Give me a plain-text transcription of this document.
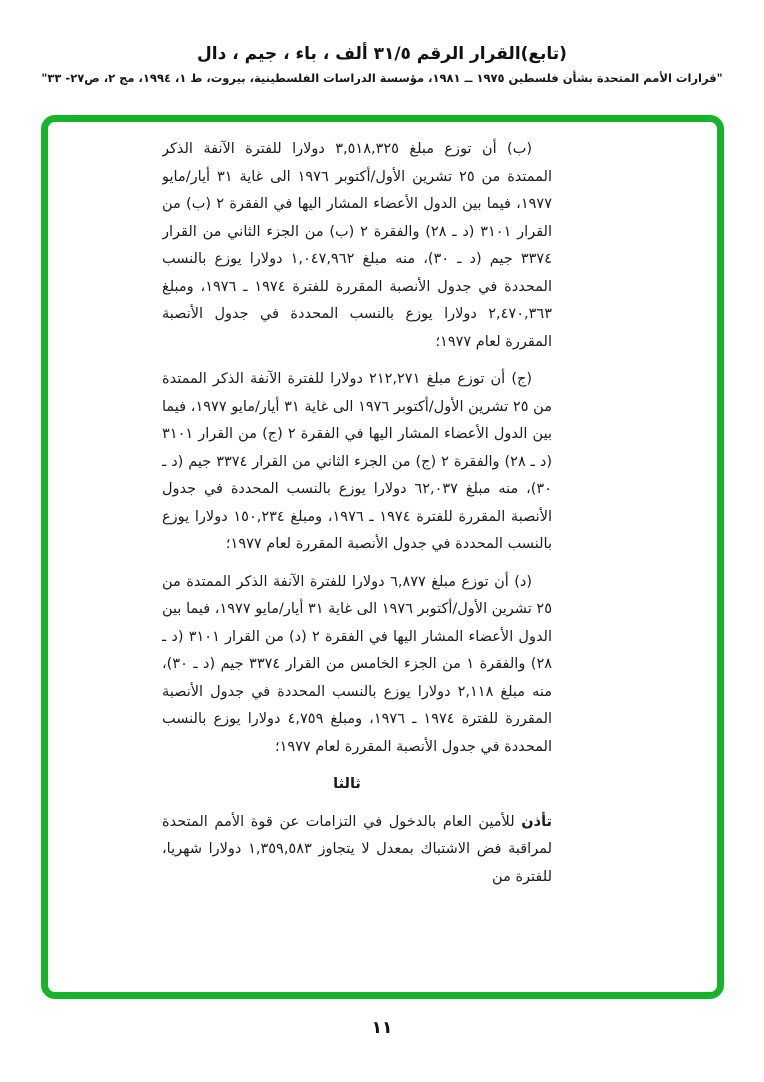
(تابع)القرار الرقم ٣١/٥ ألف ، باء ، جيم ، دال
"قرارات الأمم المتحدة بشأن فلسطين ١٩٧٥ ــ ١٩٨١، مؤسسة الدراسات الفلسطينية، بيروت، ط ١، ١٩٩٤، مج ٢، ص٢٧- ٣٣"

(ب) أن توزع مبلغ ٣,٥١٨,٣٢٥ دولارا للفترة الآنفة الذكر الممتدة من ٢٥ تشرين الأول/أكتوبر ١٩٧٦ الى غاية ٣١ أيار/مايو ١٩٧٧، فيما بين الدول الأعضاء المشار اليها في الفقرة ٢ (ب) من القرار ٣١٠١ (د ـ ٢٨) والفقرة ٢ (ب) من الجزء الثاني من القرار ٣٣٧٤ جيم (د ـ ٣٠)، منه مبلغ ١,٠٤٧,٩٦٢ دولارا يوزع بالنسب المحددة في جدول الأنصبة المقررة للفترة ١٩٧٤ ـ ١٩٧٦، ومبلغ ٢,٤٧٠,٣٦٣ دولارا يوزع بالنسب المحددة في جدول الأنصبة المقررة لعام ١٩٧٧؛

(ج) أن توزع مبلغ ٢١٢,٢٧١ دولارا للفترة الآنفة الذكر الممتدة من ٢٥ تشرين الأول/أكتوبر ١٩٧٦ الى غاية ٣١ أيار/مايو ١٩٧٧، فيما بين الدول الأعضاء المشار اليها في الفقرة ٢ (ج) من القرار ٣١٠١ (د ـ ٢٨) والفقرة ٢ (ج) من الجزء الثاني من القرار ٣٣٧٤ جيم (د ـ ٣٠)، منه مبلغ ٦٢,٠٣٧ دولارا يوزع بالنسب المحددة في جدول الأنصبة المقررة للفترة ١٩٧٤ ـ ١٩٧٦، ومبلغ ١٥٠,٢٣٤ دولارا يوزع بالنسب المحددة في جدول الأنصبة المقررة لعام ١٩٧٧؛

(د) أن توزع مبلغ ٦,٨٧٧ دولارا للفترة الآنفة الذكر الممتدة من ٢٥ تشرين الأول/أكتوبر ١٩٧٦ الى غاية ٣١ أيار/مايو ١٩٧٧، فيما بين الدول الأعضاء المشار اليها في الفقرة ٢ (د) من القرار ٣١٠١ (د ـ ٢٨) والفقرة ١ من الجزء الخامس من القرار ٣٣٧٤ جيم (د ـ ٣٠)، منه مبلغ ٢,١١٨ دولارا يوزع بالنسب المحددة في جدول الأنصبة المقررة للفترة ١٩٧٤ ـ ١٩٧٦، ومبلغ ٤,٧٥٩ دولارا يوزع بالنسب المحددة في جدول الأنصبة المقررة لعام ١٩٧٧؛

ثالثا

تأذن للأمين العام بالدخول في التزامات عن قوة الأمم المتحدة لمراقبة فض الاشتباك بمعدل لا يتجاوز ١,٣٥٩,٥٨٣ دولارا شهريا، للفترة من

١١
